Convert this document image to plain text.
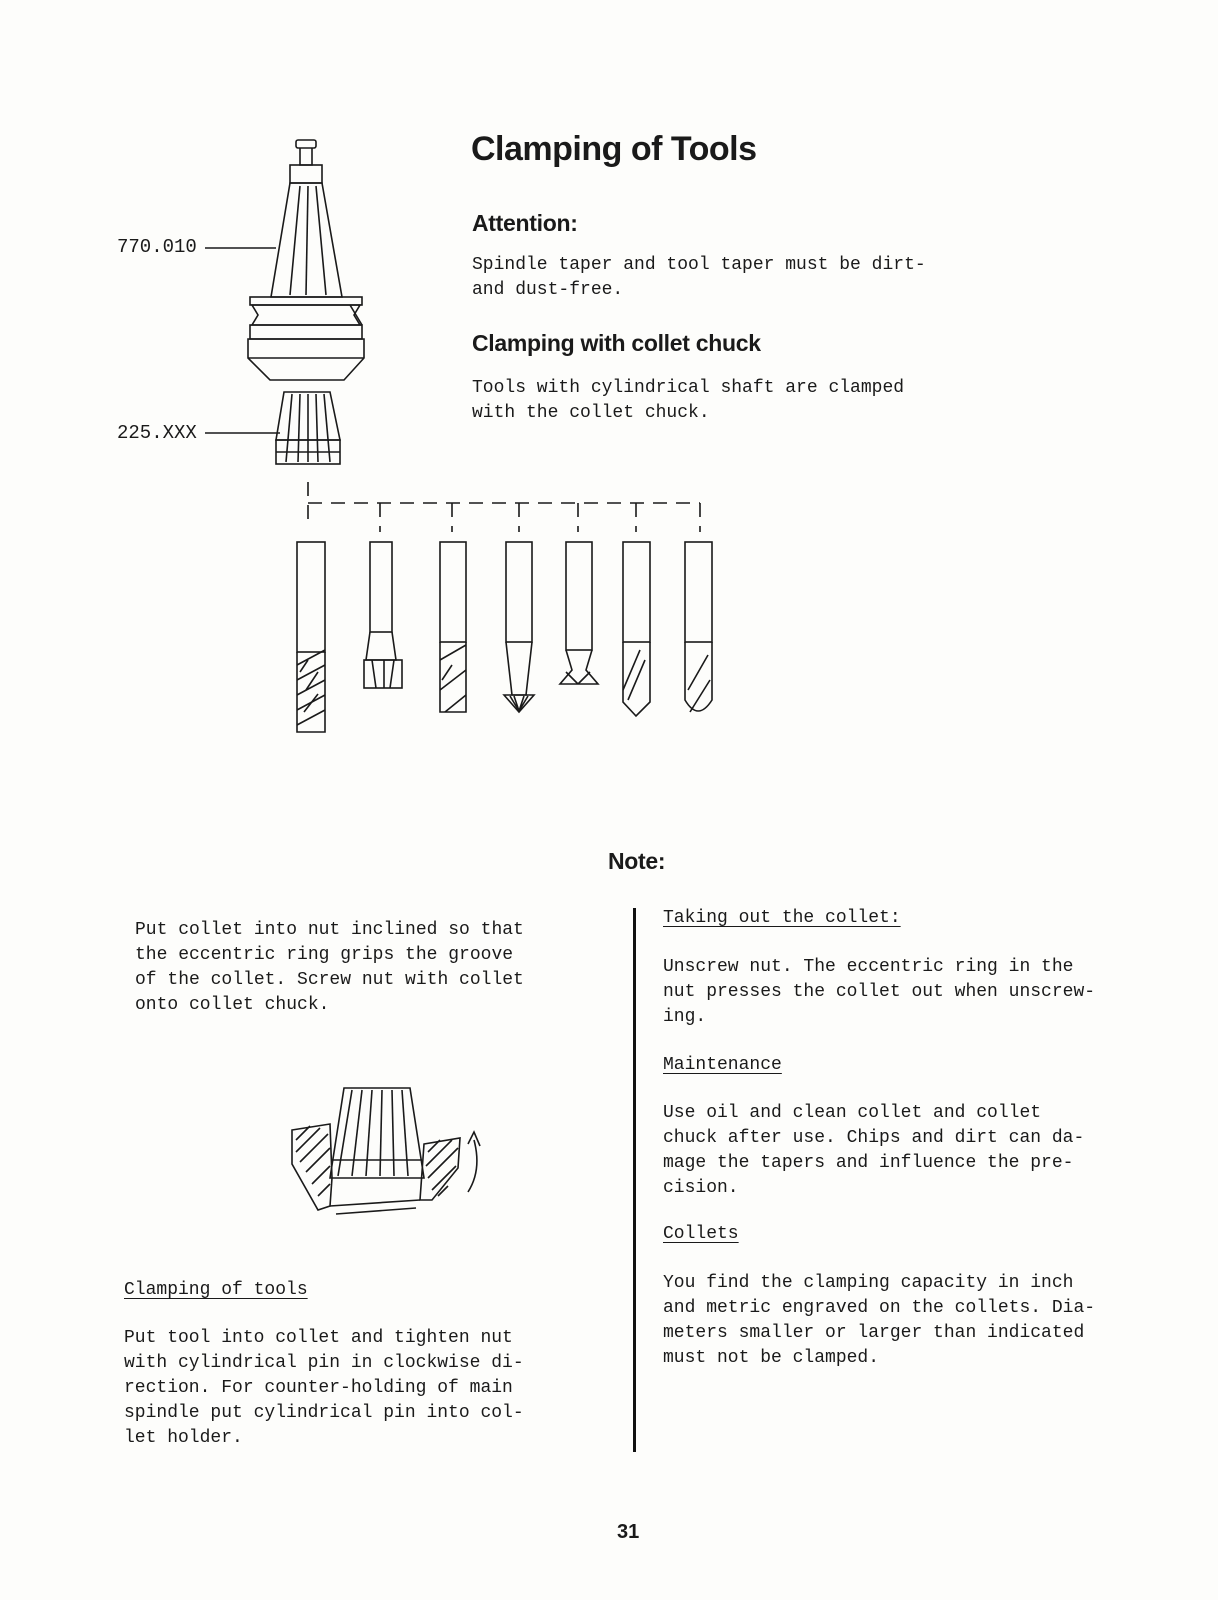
Clamping of Tools

Attention:

Spindle taper and tool taper must be dirt-
and dust-free.

Clamping with collet chuck

Tools with cylindrical shaft are clamped
with the collet chuck.

770.010
225.XXX

Note:

Put collet into nut inclined so that
the eccentric ring grips the groove
of the collet. Screw nut with collet
onto collet chuck.

Clamping of tools

Put tool into collet and tighten nut
with cylindrical pin in clockwise di-
rection. For counter-holding of main
spindle put cylindrical pin into col-
let holder.

Taking out the collet:

Unscrew nut. The eccentric ring in the
nut presses the collet out when unscrew-
ing.

Maintenance

Use oil and clean collet and collet
chuck after use. Chips and dirt can da-
mage the tapers and influence the pre-
cision.

Collets

You find the clamping capacity in inch
and metric engraved on the collets. Dia-
meters smaller or larger than indicated
must not be clamped.

31
